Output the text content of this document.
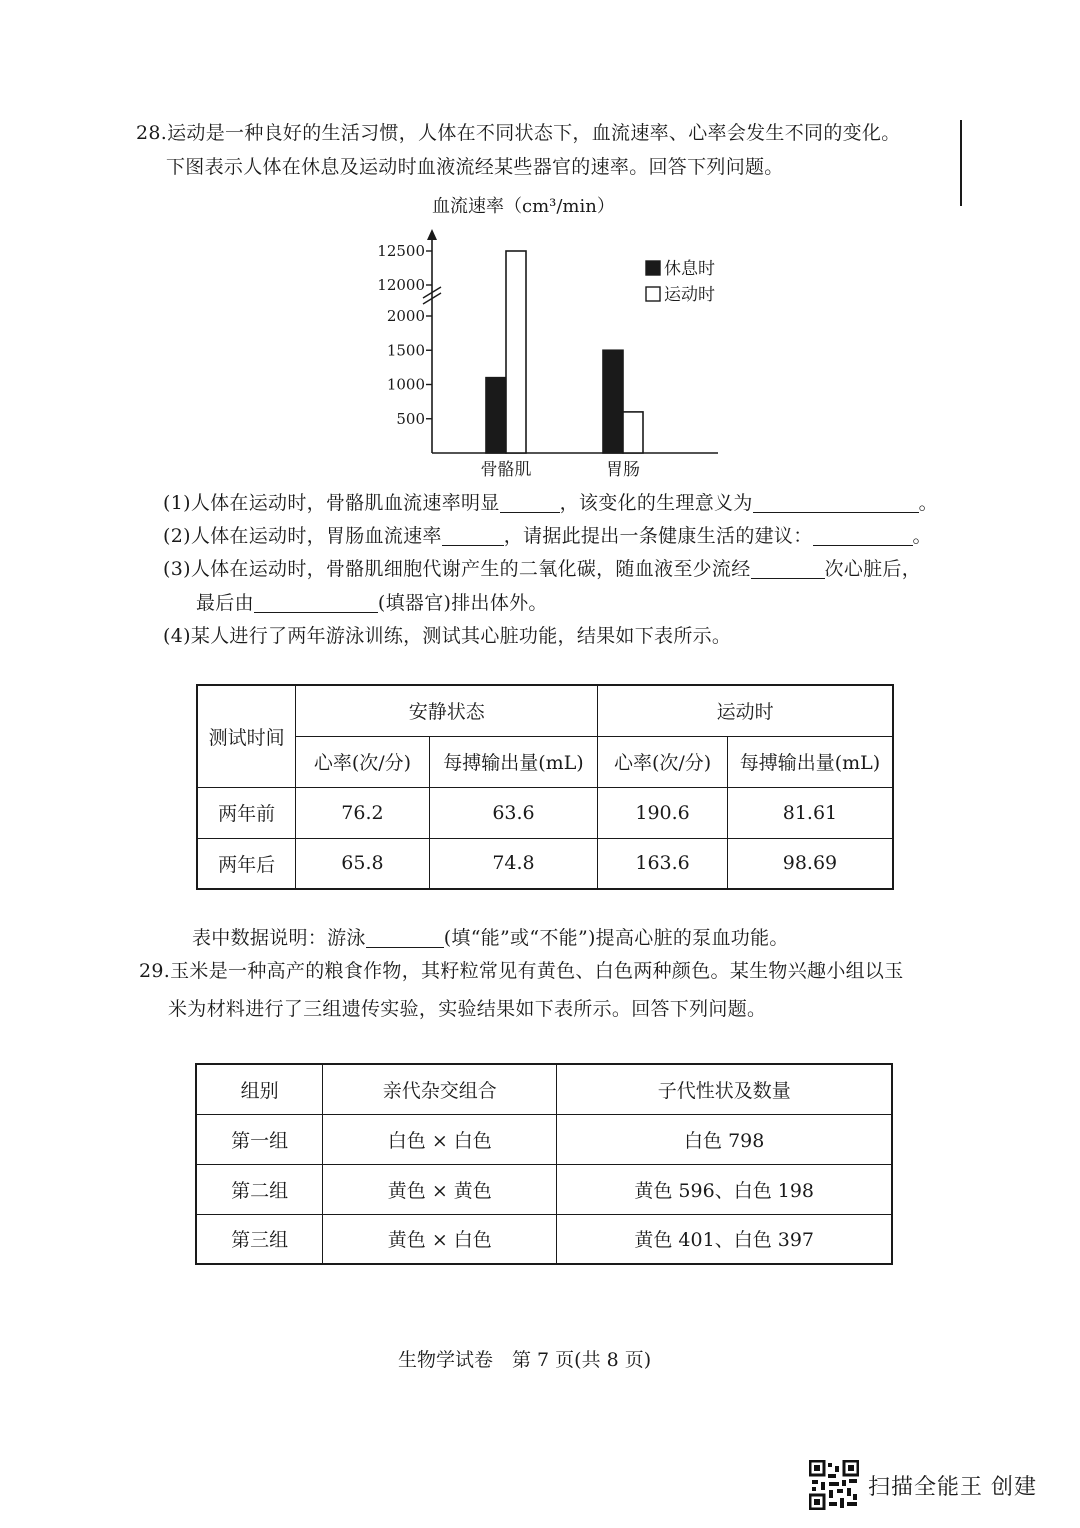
28.运动是一种良好的生活习惯，人体在不同状态下，血流速率、心率会发生不同的变化。
下图表示人体在休息及运动时血液流经某些器官的速率。回答下列问题。
血流速率（cm³/min）
500
1000
1500
2000
12000
12500
骨骼肌	胃肠
休息时
运动时
(1)人体在运动时，骨骼肌血流速率明显	，该变化的生理意义为	。
(2)人体在运动时，胃肠血流速率	，请据此提出一条健康生活的建议：	。
(3)人体在运动时，骨骼肌细胞代谢产生的二氧化碳，随血液至少流经	次心脏后，
最后由	(填器官)排出体外。
(4)某人进行了两年游泳训练，测试其心脏功能，结果如下表所示。
测试时间	安静状态		运动时	
	心率(次/分)	每搏输出量(mL)	心率(次/分)	每搏输出量(mL)
两年前	76.2	63.6	190.6	81.61
两年后	65.8	74.8	163.6	98.69
表中数据说明：游泳	(填“能”或“不能”)提高心脏的泵血功能。
29.玉米是一种高产的粮食作物，其籽粒常见有黄色、白色两种颜色。某生物兴趣小组以玉
米为材料进行了三组遗传实验，实验结果如下表所示。回答下列问题。
组别	亲代杂交组合	子代性状及数量
第一组	白色 × 白色	白色 798
第二组	黄色 × 黄色	黄色 596、白色 198
第三组	黄色 × 白色	黄色 401、白色 397
生物学试卷　第 7 页(共 8 页)
扫描全能王 创建
